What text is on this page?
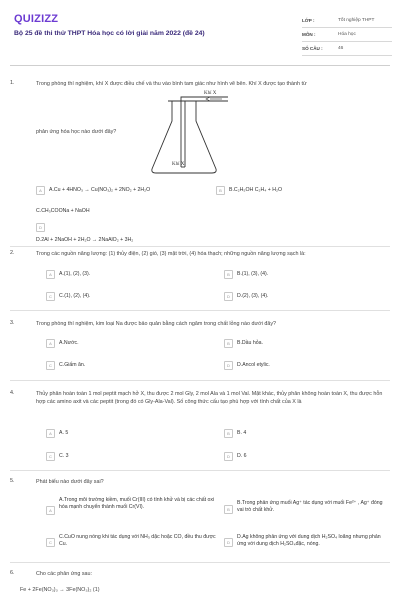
QUIZIZZ
Bộ 25 đề thi thử THPT Hóa học có lời giải năm 2022 (đề 24)
LỚP :	Tốt nghiệp THPT
MÔN :	Hóa học
SỐ CÂU :	46
1.	Trong phòng thí nghiệm, khí X được điều chế và thu vào bình tam giác như hình vẽ bên. Khí X được tạo thành từ
phản ứng hóa học nào dưới đây?
Khí X
Khí X
A	A.Cu + 4HNO₃ → Cu(NO₃)₂ + 2NO₂ + 2H₂O	B	B.C₂H₅OH C₂H₄ + H₂O
C.CH₃COONa + NaOH
D
D.2Al + 2NaOH + 2H₂O → 2NaAlO₂ + 3H₂
2.	Trong các nguồn năng lượng: (1) thủy điện, (2) gió, (3) mặt trời, (4) hóa thạch; những nguồn năng lượng sạch là:
A	A.(1), (2), (3).	B	B.(1), (3), (4).
C	C.(1), (2), (4).	D	D.(2), (3), (4).
3.	Trong phòng thí nghiệm, kim loại Na được bảo quản bằng cách ngâm trong chất lỏng nào dưới đây?
A	A.Nước.	B	B.Dầu hỏa.
C	C.Giấm ăn.	D	D.Ancol etylic.
4.	Thủy phân hoàn toàn 1 mol peptit mạch hở X, thu được 2 mol Gly, 2 mol Ala và 1 mol Val. Mặt khác, thủy phân không hoàn toàn X, thu được hỗn hợp các amino axit và các peptit (trong đó có Gly-Ala-Val). Số công thức cấu tạo phù hợp với tính chất của X là
A	A. 5	B	B. 4
C	C. 3	D	D. 6
5.	Phát biểu nào dưới đây sai?
A
A.Trong môi trường kiềm, muối Cr(III) có tính khử và bị các chất oxi hóa mạnh chuyển thành muối Cr(VI).	B
B.Trong phản ứng muối Ag⁺ tác dụng với muối Fe²⁺ , Ag⁺ đóng vai trò chất khử.
C
C.CuO nung nóng khi tác dụng với NH₃ dặc hoặc CO, đều thu được Cu.	D
D.Ag không phản ứng với dung dịch H₂SO₄ loãng nhưng phản ứng với dung dịch H₂SO₄đặc, nóng.
6.	Cho các phản ứng sau:
Fe + 2Fe(NO₃)₃ → 3Fe(NO₃)₂ (1)
